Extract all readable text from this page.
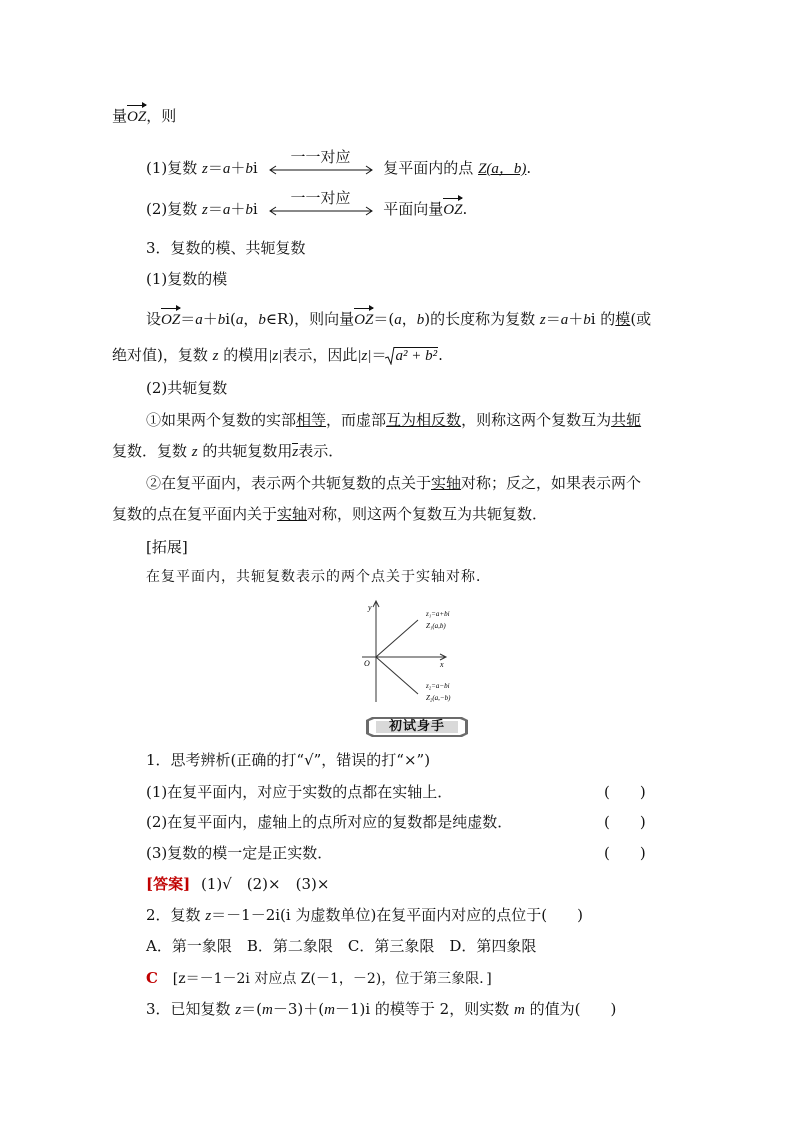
量OZ，则
(1)复数 z＝a＋bi
一一对应
复平面内的点 Z(a，b).
(2)复数 z＝a＋bi
一一对应
平面向量OZ.
3．复数的模、共轭复数
(1)复数的模
设OZ＝a＋bi(a，b∈R)，则向量OZ＝(a，b)的长度称为复数 z＝a＋bi 的模(或
绝对值)，复数 z 的模用|z|表示，因此|z|＝ a² + b².
(2)共轭复数
①如果两个复数的实部相等，而虚部互为相反数，则称这两个复数互为共轭
复数．复数 z 的共轭复数用z表示．
②在复平面内，表示两个共轭复数的点关于实轴对称；反之，如果表示两个
复数的点在复平面内关于实轴对称，则这两个复数互为共轭复数．
[拓展]
在复平面内，共轭复数表示的两个点关于实轴对称．
y
x
O
z₁=a+bi
Z₁(a,b)
z₂=a−bi
Z₂(a,−b)
初试身手
1．思考辨析(正确的打“√”，错误的打“×”)
(1)在复平面内，对应于实数的点都在实轴上．	(　　)
(2)在复平面内，虚轴上的点所对应的复数都是纯虚数．	(　　)
(3)复数的模一定是正实数．	(　　)
[答案] (1)√　(2)×　(3)×
2．复数 z＝－1－2i(i 为虚数单位)在复平面内对应的点位于(　　)
A．第一象限　B．第二象限　C．第三象限　D．第四象限
C [z＝－1－2i 对应点 Z(－1，－2)，位于第三象限．]
3．已知复数 z＝(m－3)＋(m－1)i 的模等于 2，则实数 m 的值为(　　)
